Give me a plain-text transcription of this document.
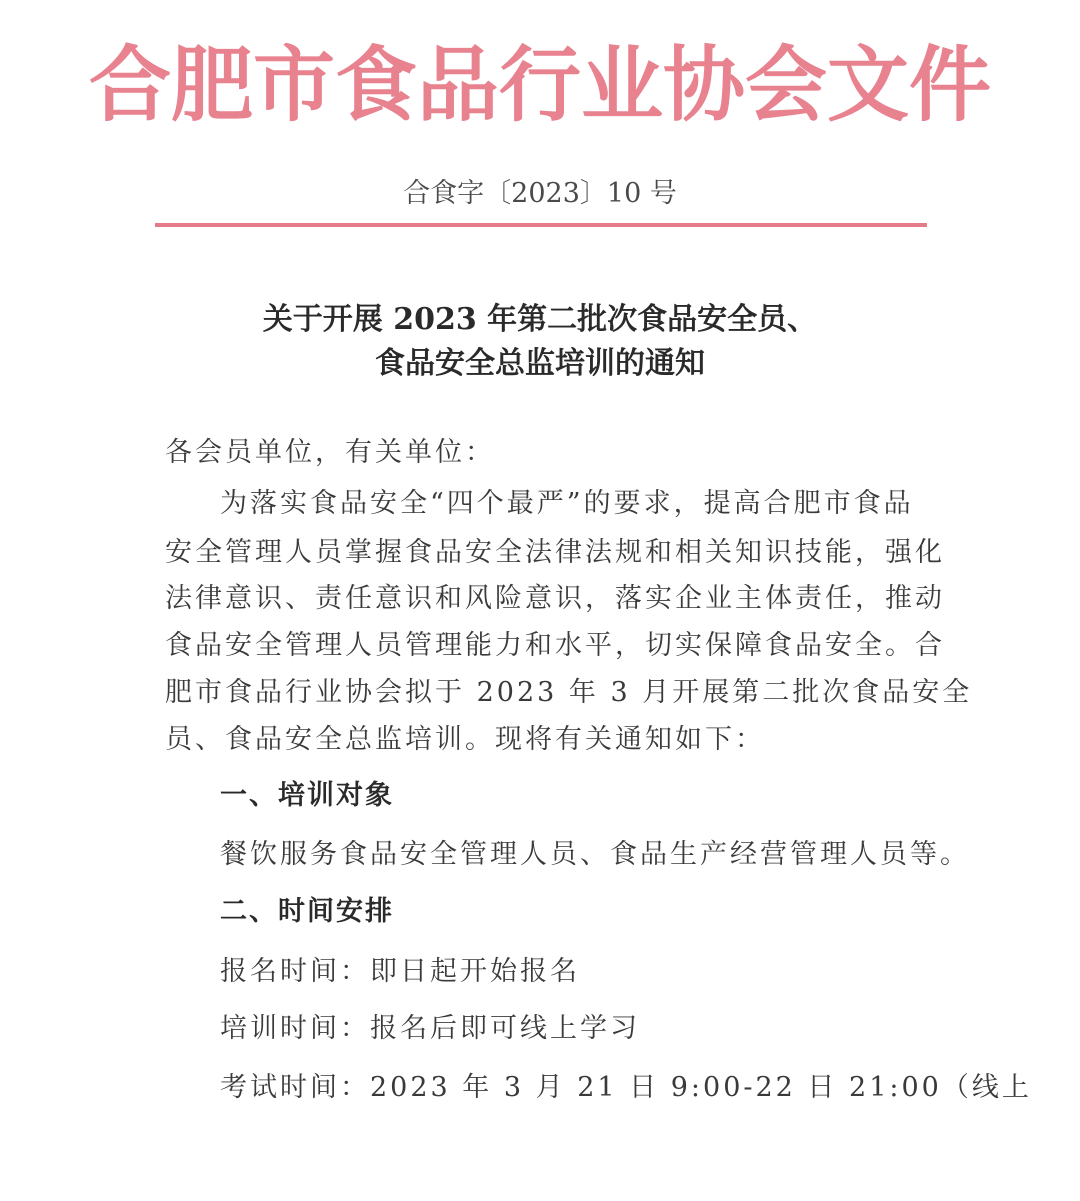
合肥市食品行业协会文件
合食字〔2023〕10 号
关于开展 2023 年第二批次食品安全员、
食品安全总监培训的通知
各会员单位，有关单位：
为落实食品安全“四个最严”的要求，提高合肥市食品
安全管理人员掌握食品安全法律法规和相关知识技能，强化
法律意识、责任意识和风险意识，落实企业主体责任，推动
食品安全管理人员管理能力和水平，切实保障食品安全。合
肥市食品行业协会拟于 2023 年 3 月开展第二批次食品安全
员、食品安全总监培训。现将有关通知如下：
一、培训对象
餐饮服务食品安全管理人员、食品生产经营管理人员等。
二、时间安排
报名时间：即日起开始报名
培训时间：报名后即可线上学习
考试时间：2023 年 3 月 21 日 9:00-22 日 21:00（线上
